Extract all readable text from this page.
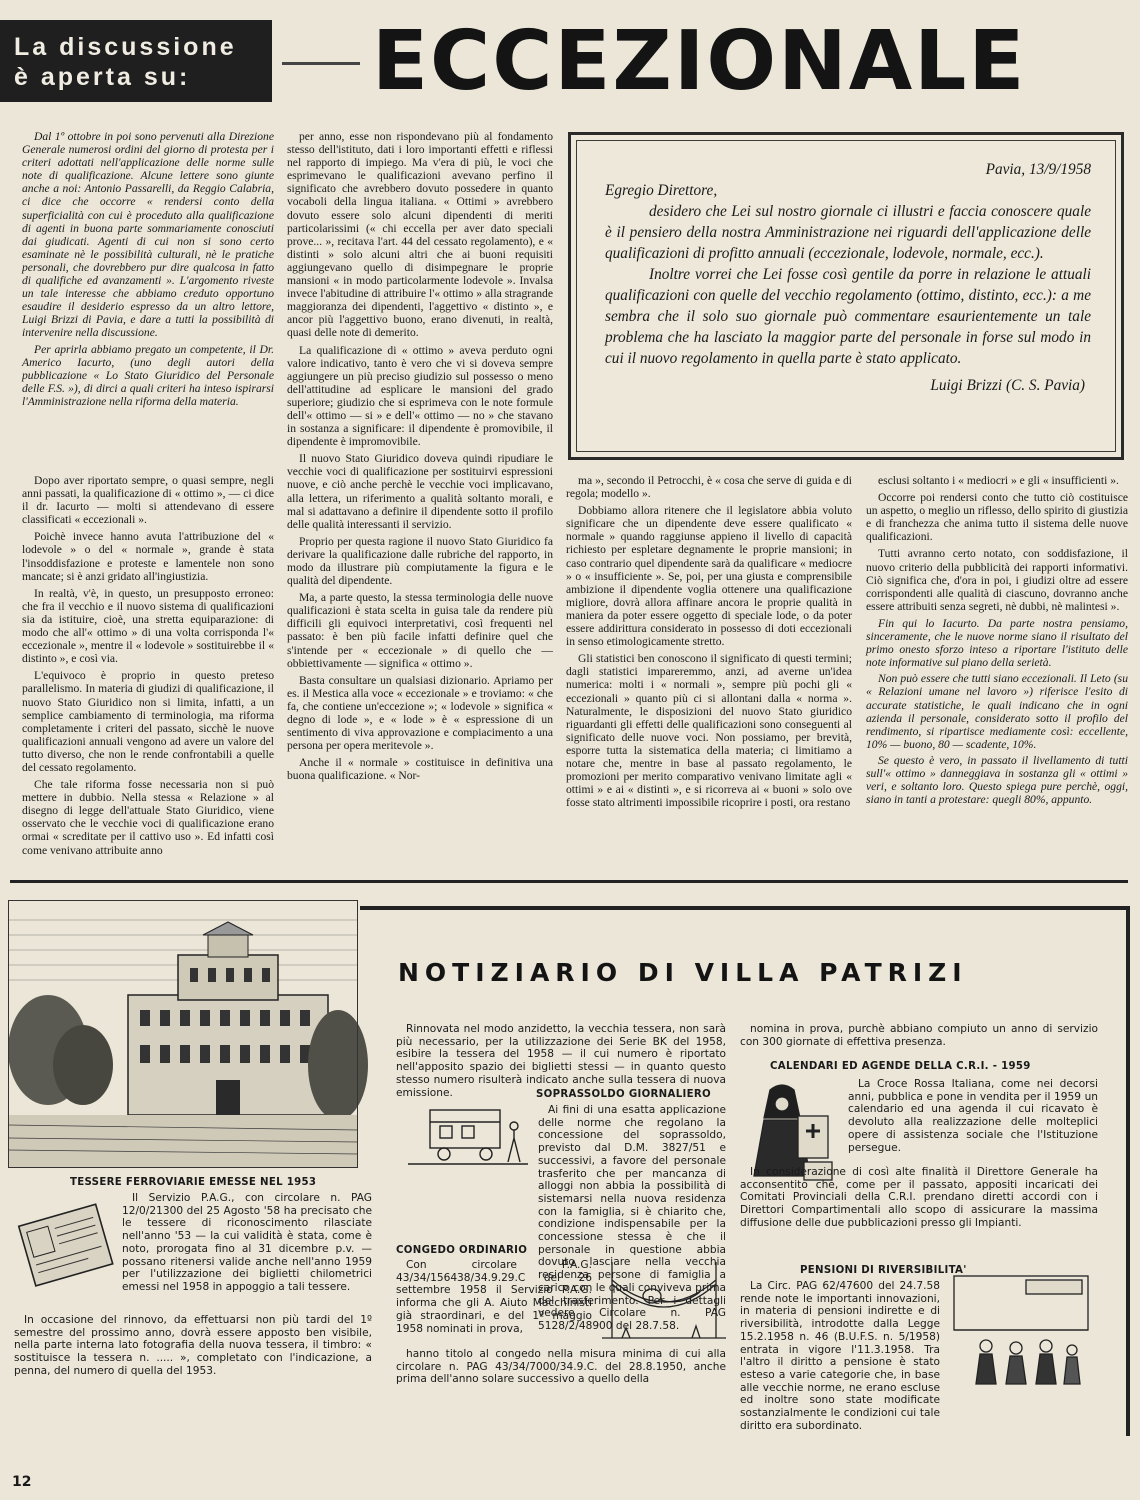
La discussione
è aperta su:	ECCEZIONALE

Dal 1º ottobre in poi sono pervenuti alla Direzione Generale numerosi ordini del giorno di protesta per i criteri adottati nell'applicazione delle norme sulle note di qualificazione. Alcune lettere sono giunte anche a noi: Antonio Passarelli, da Reggio Calabria, ci dice che occorre « rendersi conto della superficialità con cui è proceduto alla qualificazione di agenti in buona parte sommariamente conosciuti dai giudicati. Agenti di cui non si sono certo esaminate nè le possibilità culturali, nè le pratiche personali, che dovrebbero pur dire qualcosa in fatto di qualifiche ed avanzamenti ». L'argomento riveste un tale interesse che abbiamo creduto opportuno esaudire il desiderio espresso da un altro lettore, Luigi Brizzi di Pavia, e dare a tutti la possibilità di intervenire nella discussione.

Per aprirla abbiamo pregato un competente, il Dr. Americo Iacurto, (uno degli autori della pubblicazione « Lo Stato Giuridico del Personale delle F.S. »), di dirci a quali criteri ha inteso ispirarsi l'Amministrazione nella riforma della materia.

Dopo aver riportato sempre, o quasi sempre, negli anni passati, la qualificazione di « ottimo », — ci dice il dr. Iacurto — molti si attendevano di essere classificati « eccezionali ».

Poichè invece hanno avuta l'attribuzione del « lodevole » o del « normale », grande è stata l'insoddisfazione e proteste e lamentele non sono mancate; si è anzi gridato all'ingiustizia.

In realtà, v'è, in questo, un presupposto erroneo: che fra il vecchio e il nuovo sistema di qualificazioni sia da istituire, cioè, una stretta equiparazione: di modo che all'« ottimo » di una volta corrisponda l'« eccezionale », mentre il « lodevole » sostituirebbe il « distinto », e così via.

L'equivoco è proprio in questo preteso parallelismo. In materia di giudizi di qualificazione, il nuovo Stato Giuridico non si limita, infatti, a un semplice cambiamento di terminologia, ma riforma completamente i criteri del passato, sicchè le nuove qualificazioni annuali vengono ad avere un valore del tutto diverso, che non le rende confrontabili a quelle del cessato regolamento.

Che tale riforma fosse necessaria non si può mettere in dubbio. Nella stessa « Relazione » al disegno di legge dell'attuale Stato Giuridico, viene osservato che le vecchie voci di qualificazione erano ormai « screditate per il cattivo uso ». Ed infatti così come venivano attribuite anno

per anno, esse non rispondevano più al fondamento stesso dell'istituto, dati i loro importanti effetti e riflessi nel rapporto di impiego. Ma v'era di più, le voci che esprimevano le qualificazioni avevano perfino il significato che avrebbero dovuto possedere in quanto vocaboli della lingua italiana. « Ottimi » avrebbero dovuto essere solo alcuni dipendenti di meriti particolarissimi (« chi eccella per aver dato speciali prove... », recitava l'art. 44 del cessato regolamento), e « distinti » solo alcuni altri che ai buoni requisiti aggiungevano quello di disimpegnare le proprie mansioni « in modo particolarmente lodevole ». Invalsa invece l'abitudine di attribuire l'« ottimo » alla stragrande maggioranza dei dipendenti, l'aggettivo « distinto », e ancor più l'aggettivo buono, erano divenuti, in realtà, quasi delle note di demerito.

La qualificazione di « ottimo » aveva perduto ogni valore indicativo, tanto è vero che vi si doveva sempre aggiungere un più preciso giudizio sul possesso o meno dell'attitudine ad esplicare le mansioni del grado superiore; giudizio che si esprimeva con le note formule dell'« ottimo — si » e dell'« ottimo — no » che stavano in sostanza a significare: il dipendente è promovibile, il dipendente è impromovibile.

Il nuovo Stato Giuridico doveva quindi ripudiare le vecchie voci di qualificazione per sostituirvi espressioni nuove, e ciò anche perchè le vecchie voci implicavano, alla lettera, un riferimento a qualità soltanto morali, e mal si adattavano a definire il dipendente sotto il profilo delle qualità interessanti il servizio.

Proprio per questa ragione il nuovo Stato Giuridico fa derivare la qualificazione dalle rubriche del rapporto, in modo da illustrare più compiutamente la figura e le qualità del dipendente.

Ma, a parte questo, la stessa terminologia delle nuove qualificazioni è stata scelta in guisa tale da rendere più difficili gli equivoci interpretativi, così frequenti nel passato: è ben più facile infatti definire quel che s'intende per « eccezionale » di quello che — obbiettivamente — significa « ottimo ».

Basta consultare un qualsiasi dizionario. Apriamo per es. il Mestica alla voce « eccezionale » e troviamo: « che fa, che contiene un'eccezione »; « lodevole » significa « degno di lode », e « lode » è « espressione di un sentimento di viva approvazione e compiacimento a una persona per opera meritevole ».

Anche il « normale » costituisce in definitiva una buona qualificazione. « Nor-

Pavia, 13/9/1958
Egregio Direttore,

desidero che Lei sul nostro giornale ci illustri e faccia conoscere quale è il pensiero della nostra Amministrazione nei riguardi dell'applicazione delle qualificazioni di profitto annuali (eccezionale, lodevole, normale, ecc.).

Inoltre vorrei che Lei fosse così gentile da porre in relazione le attuali qualificazioni con quelle del vecchio regolamento (ottimo, distinto, ecc.): a me sembra che il solo suo giornale può commentare esaurientemente un tale problema che ha lasciato la maggior parte del personale in forse sul modo in cui il nuovo regolamento in quella parte è stato applicato.

Luigi Brizzi (C. S. Pavia)

ma », secondo il Petrocchi, è « cosa che serve di guida e di regola; modello ».

Dobbiamo allora ritenere che il legislatore abbia voluto significare che un dipendente deve essere qualificato « normale » quando raggiunse appieno il livello di capacità richiesto per espletare degnamente le proprie mansioni; in caso contrario quel dipendente sarà da qualificare « mediocre » o « insufficiente ». Se, poi, per una giusta e comprensibile ambizione il dipendente voglia ottenere una qualificazione migliore, dovrà allora affinare ancora le proprie qualità in maniera da poter essere oggetto di speciale lode, o da poter essere addirittura considerato in possesso di doti eccezionali in senso etimologicamente stretto.

Gli statistici ben conoscono il significato di questi termini; dagli statistici impareremmo, anzi, ad averne un'idea numerica: molti i « normali », sempre più pochi gli « eccezionali » quanto più ci si allontani dalla « norma ». Naturalmente, le disposizioni del nuovo Stato giuridico riguardanti gli effetti delle qualificazioni sono conseguenti al significato delle nuove voci. Non possiamo, per brevità, esporre tutta la sistematica della materia; ci limitiamo a notare che, mentre in base al passato regolamento, le promozioni per merito comparativo venivano limitate agli « ottimi » e ai « distinti », e si ricorreva ai « buoni » solo ove fosse stato altrimenti impossibile ricoprire i posti, ora restano

esclusi soltanto i « mediocri » e gli « insufficienti ».

Occorre poi rendersi conto che tutto ciò costituisce un aspetto, o meglio un riflesso, dello spirito di giustizia e di franchezza che anima tutto il sistema delle nuove qualificazioni.

Tutti avranno certo notato, con soddisfazione, il nuovo criterio della pubblicità dei rapporti informativi. Ciò significa che, d'ora in poi, i giudizi oltre ad essere corrispondenti alle qualità di ciascuno, dovranno anche essere attribuiti senza segreti, nè dubbi, nè malintesi ».

Fin qui lo Iacurto. Da parte nostra pensiamo, sinceramente, che le nuove norme siano il risultato del primo onesto sforzo inteso a riportare l'istituto delle note informative sul piano della serietà.

Non può essere che tutti siano eccezionali. Il Leto (su « Relazioni umane nel lavoro ») riferisce l'esito di accurate statistiche, le quali indicano che in ogni azienda il personale, considerato sotto il profilo del rendimento, si ripartisce mediamente così: eccellente, 10% — buono, 80 — scadente, 10%.

Se questo è vero, in passato il livellamento di tutti sull'« ottimo » danneggiava in sostanza gli « ottimi » veri, e soltanto loro. Questo spiega pure perchè, oggi, siano in tanti a protestare: quegli 80%, appunto.

NOTIZIARIO DI VILLA PATRIZI

Rinnovata nel modo anzidetto, la vecchia tessera, non sarà più necessario, per la utilizzazione dei Serie BK del 1958, esibire la tessera del 1958 — il cui numero è riportato nell'apposito spazio dei biglietti stessi — in quanto questo stesso numero risulterà indicato anche sulla tessera di nuova emissione.	SOPRASSOLDO GIORNALIERO

Ai fini di una esatta applicazione delle norme che regolano la concessione del soprassoldo, previsto dal D.M. 3827/51 e successivi, a favore del personale trasferito che per mancanza di alloggi non abbia la possibilità di sistemarsi nella nuova residenza con la famiglia, si è chiarito che, condizione indispensabile per la concessione stessa è che il personale in questione abbia dovuto lasciare nella vecchia residenza persone di famiglia a carico con le quali conviveva prima del trasferimento. Per i dettagli vedere Circolare n. PAG 5128/2/48900 del 28.7.58.

CONGEDO ORDINARIO

Con circolare P.A.G. 43/34/156438/34.9.29.C del 26 settembre 1958 il Servizio P.A.G. informa che gli A. Aiuto Macchinisti già straordinari, e del 1º maggio 1958 nominati in prova,

hanno titolo al congedo nella misura minima di cui alla circolare n. PAG 43/34/7000/34.9.C. del 28.8.1950, anche prima dell'anno solare successivo a quello della

TESSERE FERROVIARIE EMESSE NEL 1953

Il Servizio P.A.G., con circolare n. PAG 12/0/21300 del 25 Agosto '58 ha precisato che le tessere di riconoscimento rilasciate nell'anno '53 — la cui validità è stata, come è noto, prorogata fino al 31 dicembre p.v. — possano ritenersi valide anche nell'anno 1959 per l'utilizzazione dei biglietti chilometrici emessi nel 1958 in appoggio a tali tessere.

In occasione del rinnovo, da effettuarsi non più tardi del 1º semestre del prossimo anno, dovrà essere apposto ben visibile, nella parte interna lato fotografia della nuova tessera, il timbro: « sostituisce la tessera n. ..... », completato con l'indicazione, a penna, del numero di quella del 1953.

nomina in prova, purchè abbiano compiuto un anno di servizio con 300 giornate di effettiva presenza.

CALENDARI ED AGENDE DELLA C.R.I. - 1959

La Croce Rossa Italiana, come nei decorsi anni, pubblica e pone in vendita per il 1959 un calendario ed una agenda il cui ricavato è devoluto alla realizzazione delle molteplici opere di assistenza sociale che l'Istituzione persegue.

In considerazione di così alte finalità il Direttore Generale ha acconsentito che, come per il passato, appositi incaricati dei Comitati Provinciali della C.R.I. prendano diretti accordi con i Direttori Compartimentali allo scopo di assicurare la massima diffusione delle due pubblicazioni presso gli Impianti.

PENSIONI DI RIVERSIBILITA'

La Circ. PAG 62/47600 del 24.7.58 rende note le importanti innovazioni, in materia di pensioni indirette e di riversibilità, introdotte dalla Legge 15.2.1958 n. 46 (B.U.F.S. n. 5/1958) entrata in vigore l'11.3.1958. Tra l'altro il diritto a pensione è stato esteso a varie categorie che, in base alle vecchie norme, ne erano escluse ed inoltre sono state modificate sostanzialmente le condizioni cui tale diritto era subordinato.

12
